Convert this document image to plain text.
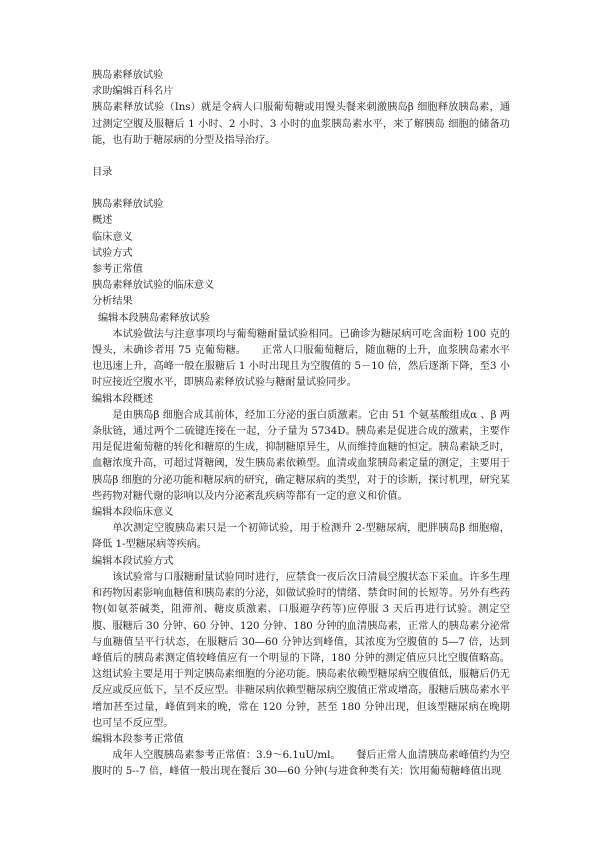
胰岛素释放试验
求助编辑百科名片

胰岛素释放试验（Ins）就是令病人口服葡萄糖或用馒头餐来刺激胰岛β 细胞释放胰岛素，通过测定空腹及服糖后 1 小时、2 小时、3 小时的血浆胰岛素水平，来了解胰岛 细胞的储备功能，也有助于糖尿病的分型及指导治疗。

目录
胰岛素释放试验
概述
临床意义
试验方式
参考正常值
胰岛素释放试验的临床意义
分析结果
编辑本段胰岛素释放试验

本试验做法与注意事项均与葡萄糖耐量试验相同。已确诊为糖尿病可吃含面粉 100 克的馒头，未确诊者用 75 克葡萄糖。　　正常人口服葡萄糖后，随血糖的上升，血浆胰岛素水平也迅速上升，高峰一般在服糖后 1 小时出现且为空腹值的 5－10 倍，然后逐渐下降，至3 小时应接近空腹水平，即胰岛素释放试验与糖耐量试验同步。

编辑本段概述

是由胰岛β 细胞合成其前体，经加工分泌的蛋白质激素。它由 51 个氨基酸组成α 、β 两条肽链，通过两个二硫键连接在一起，分子量为 5734D。胰岛素是促进合成的激素，主要作用是促进葡萄糖的转化和糖原的生成，抑制糖原异生，从而维持血糖的恒定。胰岛素缺乏时，血糖浓度升高，可超过肾糖阈，发生胰岛素依赖型。血清或血浆胰岛素定量的测定，主要用于胰岛β 细胞的分泌功能和糖尿病的研究，确定糖尿病的类型，对于的诊断，探讨机理，研究某些药物对糖代谢的影响以及内分泌紊乱疾病等都有一定的意义和价值。

编辑本段临床意义

单次测定空腹胰岛素只是一个初筛试验，用于检测升 2-型糖尿病，肥胖胰岛β 细胞瘤，降低 1-型糖尿病等疾病。

编辑本段试验方式

该试验常与口服糖耐量试验同时进行，应禁食一夜后次日清晨空腹状态下采血。许多生理和药物因素影响血糖值和胰岛素的分泌，如做试验时的情绪、禁食时间的长短等。另外有些药物(如氨茶碱类，阻滞剂、糖皮质激素、口服避孕药等)应停服 3 天后再进行试验。测定空腹、服糖后 30 分钟、60 分钟、120 分钟、180 分钟的血清胰岛素，正常人的胰岛素分泌常与血糖值呈平行状态，在服糖后 30—60 分钟达到峰值，其浓度为空腹值的 5—7 倍，达到峰值后的胰岛素测定值较峰值应有一个明显的下降，180 分钟的测定值应只比空腹值略高。这组试验主要是用于判定胰岛素细胞的分泌功能。胰岛素依赖型糖尿病空腹值低，服糖后仍无反应或反应低下，呈不反应型。非糖尿病依赖型糖尿病空腹值正常或增高，服糖后胰岛素水平增加甚至过量，峰值到来的晚，常在 120 分钟，甚至 180 分钟出现，但该型糖尿病在晚期也可呈不反应型。

编辑本段参考正常值

成年人空腹胰岛素参考正常值：3.9～6.1uU/ml。　　餐后正常人血清胰岛素峰值约为空腹时的 5--7 倍，峰值一般出现在餐后 30—60 分钟(与进食种类有关：饮用葡萄糖峰值出现
